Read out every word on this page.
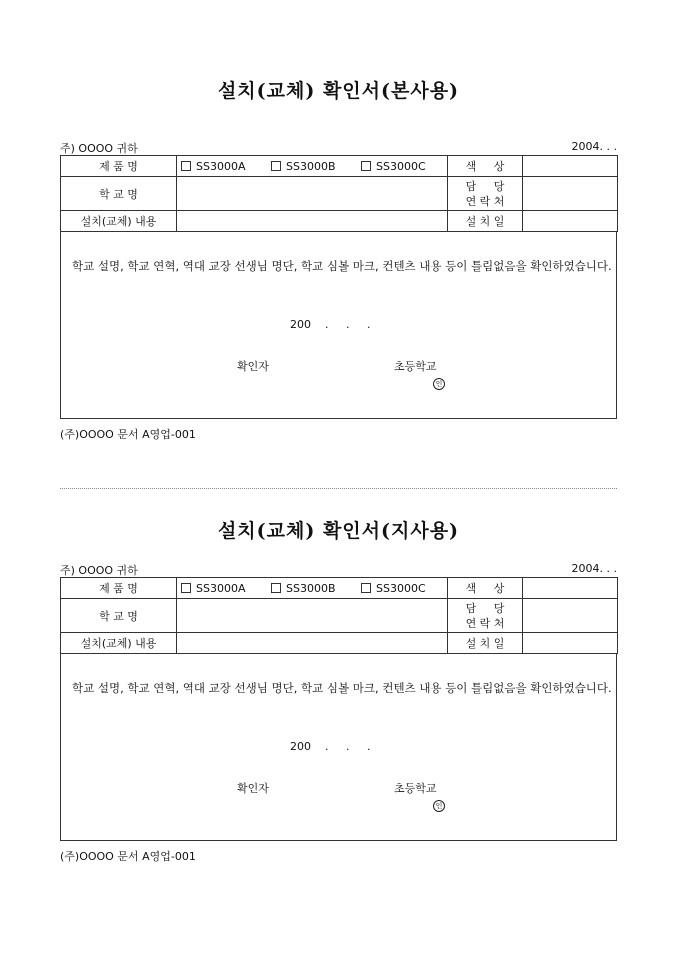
설치(교체) 확인서(본사용)
주) OOOO 귀하	2004. . .
제 품 명	SS3000A SS3000B SS3000C	색     상	
학 교 명		담     당
연 락 처	
설치(교체) 내용		설 치 일	
학교 설명, 학교 연혁, 역대 교장 선생님 명단, 학교 심볼 마크, 컨텐츠 내용 등이 틀림없음을 확인하였습니다.
200    .     .     .
확인자	초등학교
인
(주)OOOO 문서 A영업-001
설치(교체) 확인서(지사용)
주) OOOO 귀하	2004. . .
제 품 명	SS3000A SS3000B SS3000C	색     상	
학 교 명		담     당
연 락 처	
설치(교체) 내용		설 치 일	
학교 설명, 학교 연혁, 역대 교장 선생님 명단, 학교 심볼 마크, 컨텐츠 내용 등이 틀림없음을 확인하였습니다.
200    .     .     .
확인자	초등학교
인
(주)OOOO 문서 A영업-001
